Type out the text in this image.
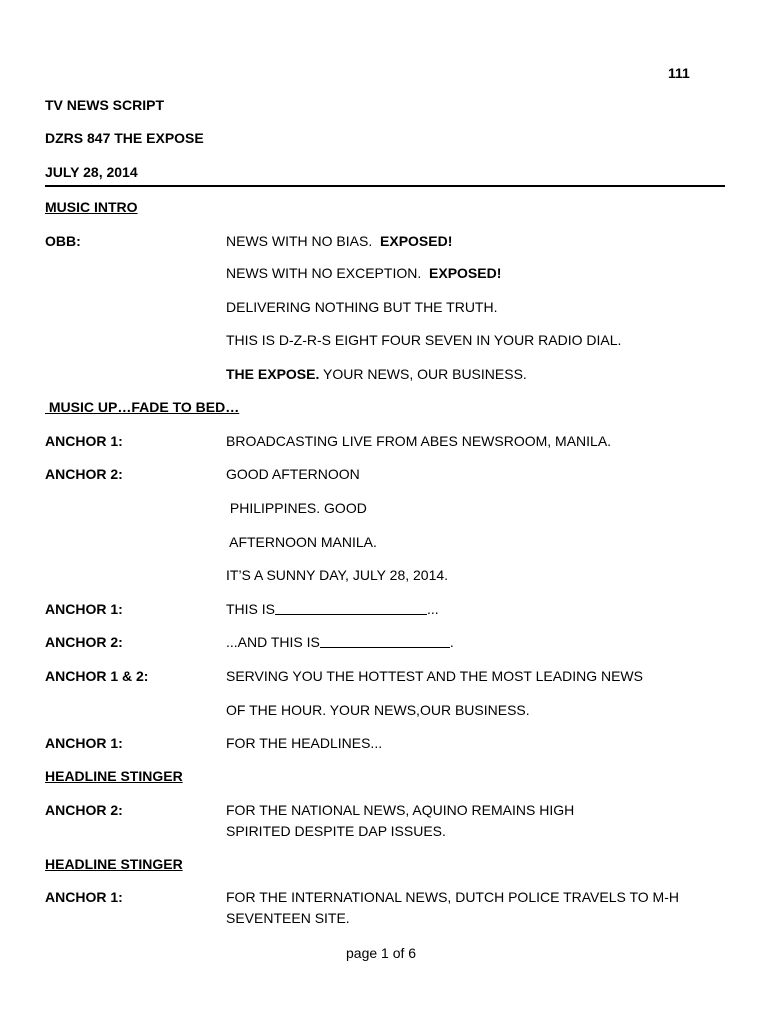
111
TV NEWS SCRIPT
DZRS 847 THE EXPOSE
JULY 28, 2014
MUSIC INTRO
OBB:	NEWS WITH NO BIAS.  EXPOSED!
NEWS WITH NO EXCEPTION.  EXPOSED!
DELIVERING NOTHING BUT THE TRUTH.
THIS IS D-Z-R-S EIGHT FOUR SEVEN IN YOUR RADIO DIAL.
THE EXPOSE. YOUR NEWS, OUR BUSINESS.
MUSIC UP…FADE TO BED…
ANCHOR 1:	BROADCASTING LIVE FROM ABES NEWSROOM, MANILA.
ANCHOR 2:	GOOD AFTERNOON
PHILIPPINES. GOOD
AFTERNOON MANILA.
IT’S A SUNNY DAY, JULY 28, 2014.
ANCHOR 1:	THIS IS	...
ANCHOR 2:	...AND THIS IS	.
ANCHOR 1 & 2:	SERVING YOU THE HOTTEST AND THE MOST LEADING NEWS
OF THE HOUR. YOUR NEWS,OUR BUSINESS.
ANCHOR 1:	FOR THE HEADLINES...
HEADLINE STINGER
ANCHOR 2:	FOR THE NATIONAL NEWS, AQUINO REMAINS HIGH
SPIRITED DESPITE DAP ISSUES.
HEADLINE STINGER
ANCHOR 1:	FOR THE INTERNATIONAL NEWS, DUTCH POLICE TRAVELS TO M-H
SEVENTEEN SITE.
page 1 of 6
